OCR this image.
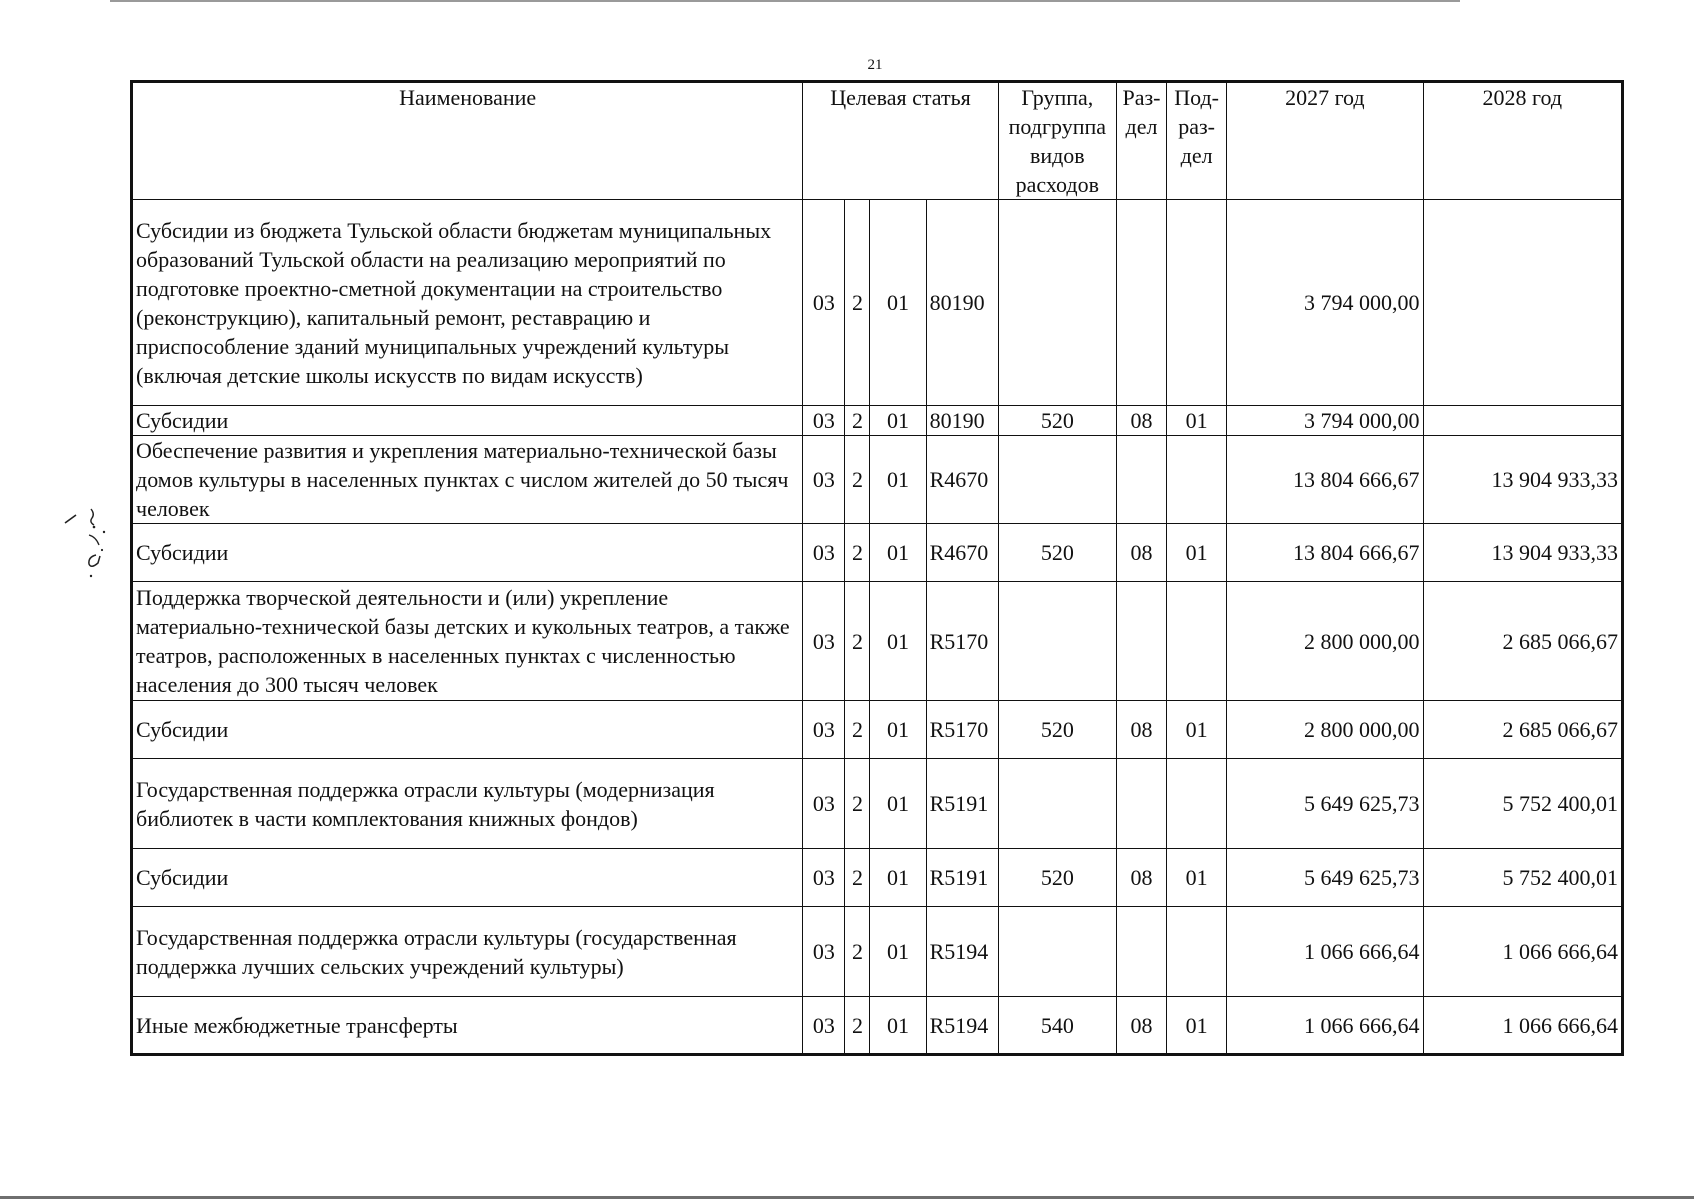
21
Наименование	Целевая статья				Группа, подгруппа видов расходов	Раз-дел	Под-раз-дел	2027 год	2028 год
Субсидии из бюджета Тульской области бюджетам муниципальных образований Тульской области на реализацию мероприятий по подготовке проектно-сметной документации на строительство (реконструкцию), капитальный ремонт, реставрацию и приспособление зданий муниципальных учреждений культуры (включая детские школы искусств по видам искусств)	03	2	01	80190				3 794 000,00	
Субсидии	03	2	01	80190	520	08	01	3 794 000,00	
Обеспечение развития и укрепления материально-технической базы домов культуры в населенных пунктах с числом жителей до 50 тысяч человек	03	2	01	R4670				13 804 666,67	13 904 933,33
Субсидии	03	2	01	R4670	520	08	01	13 804 666,67	13 904 933,33
Поддержка творческой деятельности и (или) укрепление материально-технической базы детских и кукольных театров, а также театров, расположенных в населенных пунктах с численностью населения до 300 тысяч человек	03	2	01	R5170				2 800 000,00	2 685 066,67
Субсидии	03	2	01	R5170	520	08	01	2 800 000,00	2 685 066,67
Государственная поддержка отрасли культуры (модернизация библиотек в части комплектования книжных фондов)	03	2	01	R5191				5 649 625,73	5 752 400,01
Субсидии	03	2	01	R5191	520	08	01	5 649 625,73	5 752 400,01
Государственная поддержка отрасли культуры (государственная поддержка лучших сельских учреждений культуры)	03	2	01	R5194				1 066 666,64	1 066 666,64
Иные межбюджетные трансферты	03	2	01	R5194	540	08	01	1 066 666,64	1 066 666,64
